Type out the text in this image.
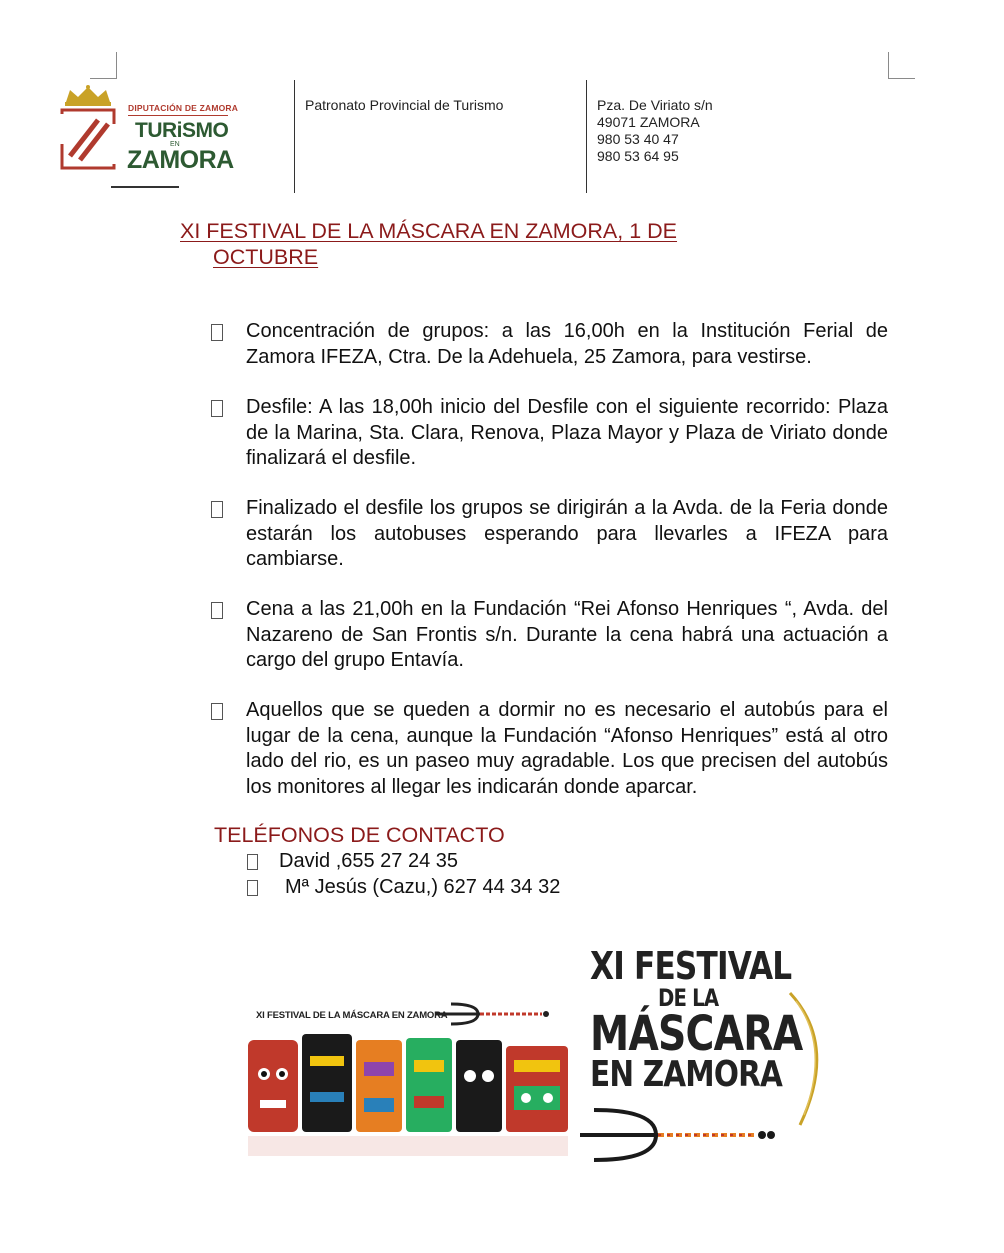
DIPUTACIÓN DE ZAMORA
TURiSMO
EN
ZAMORA
Patronato Provincial de Turismo	Pza. De Viriato s/n
49071 ZAMORA
980 53 40 47
980 53 64 95
XI FESTIVAL DE LA MÁSCARA EN ZAMORA, 1 DE
OCTUBRE
Concentración de grupos: a las 16,00h en la Institución Ferial de Zamora IFEZA, Ctra. De la Adehuela, 25 Zamora, para vestirse.
Desfile: A las 18,00h inicio del Desfile con el siguiente recorrido: Plaza de la Marina, Sta. Clara, Renova, Plaza Mayor y Plaza de Viriato donde finalizará el desfile.
Finalizado el desfile los grupos se dirigirán a la Avda. de la Feria donde estarán los autobuses esperando para llevarles a IFEZA para cambiarse.
Cena a las 21,00h en la Fundación “Rei Afonso Henriques “, Avda. del Nazareno de San Frontis s/n. Durante la cena habrá una actuación a cargo del grupo Entavía.
Aquellos que se queden a dormir no es necesario el autobús para el lugar de la cena, aunque la Fundación “Afonso Henriques” está al otro lado del rio, es un paseo muy agradable. Los que precisen del autobús los monitores al llegar les indicarán donde aparcar.
TELÉFONOS DE CONTACTO
David ,655 27 24 35
Mª Jesús (Cazu,) 627 44 34 32
XI FESTIVAL DE LA MÁSCARA EN ZAMORA
XI FESTIVAL
DE LA
MÁSCARA
EN ZAMORA
